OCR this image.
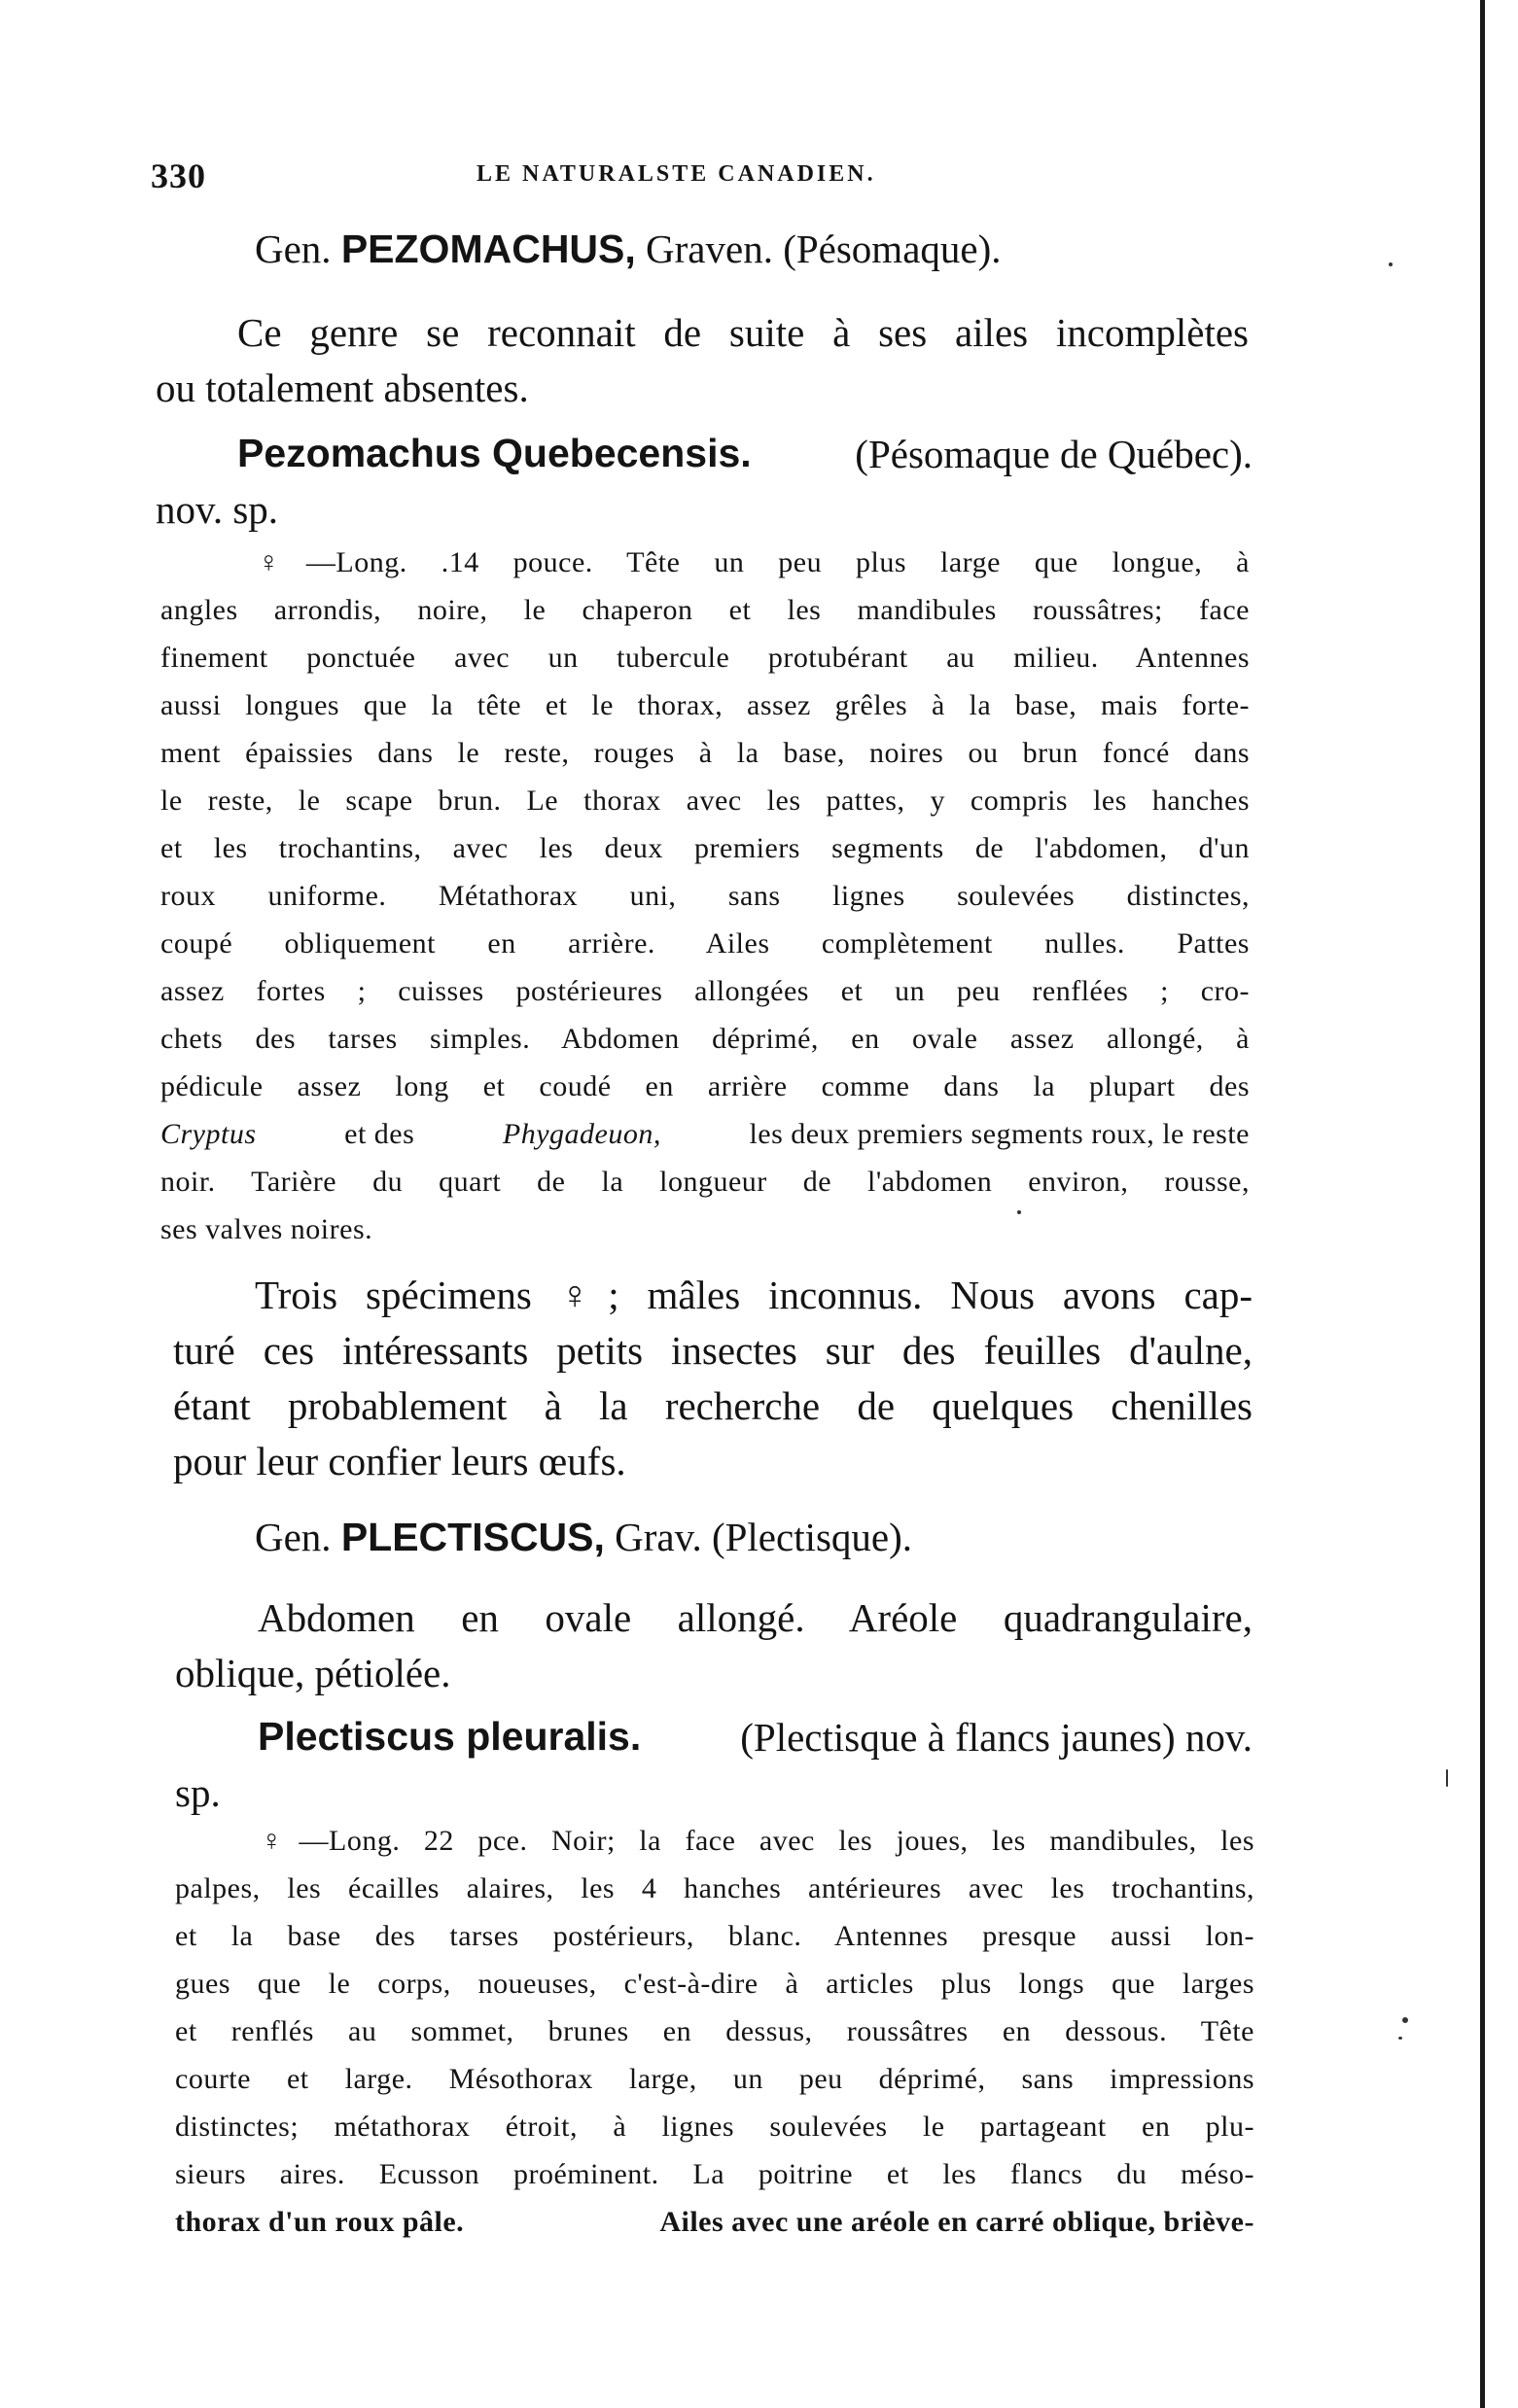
330	LE NATURALSTE CANADIEN.
Gen. PEZOMACHUS, Graven. (Pésomaque).
Ce genre se reconnait de suite à ses ailes incomplètes
ou totalement absentes.
Pezomachus Quebecensis.	(Pésomaque de Québec).
nov. sp.
♀—Long. .14 pouce. Tête un peu plus large que longue, à
angles arrondis, noire, le chaperon et les mandibules roussâtres; face
finement ponctuée avec un tubercule protubérant au milieu. Antennes
aussi longues que la tête et le thorax, assez grêles à la base, mais forte-
ment épaissies dans le reste, rouges à la base, noires ou brun foncé dans
le reste, le scape brun. Le thorax avec les pattes, y compris les hanches
et les trochantins, avec les deux premiers segments de l'abdomen, d'un
roux uniforme. Métathorax uni, sans lignes soulevées distinctes,
coupé obliquement en arrière. Ailes complètement nulles. Pattes
assez fortes ; cuisses postérieures allongées et un peu renflées ; cro-
chets des tarses simples. Abdomen déprimé, en ovale assez allongé, à
pédicule assez long et coudé en arrière comme dans la plupart des
Cryptus	et des	Phygadeuon,	les deux premiers segments roux, le reste
noir. Tarière du quart de la longueur de l'abdomen environ, rousse,
ses valves noires.
Trois spécimens ♀; mâles inconnus. Nous avons cap-
turé ces intéressants petits insectes sur des feuilles d'aulne,
étant probablement à la recherche de quelques chenilles
pour leur confier leurs œufs.
Gen. PLECTISCUS, Grav. (Plectisque).
Abdomen en ovale allongé. Aréole quadrangulaire,
oblique, pétiolée.
Plectiscus pleuralis. (Plectisque à flancs jaunes) nov.
sp.
♀—Long. 22 pce. Noir; la face avec les joues, les mandibules, les
palpes, les écailles alaires, les 4 hanches antérieures avec les trochantins,
et la base des tarses postérieurs, blanc. Antennes presque aussi lon-
gues que le corps, noueuses, c'est-à-dire à articles plus longs que larges
et renflés au sommet, brunes en dessus, roussâtres en dessous. Tête
courte et large. Mésothorax large, un peu déprimé, sans impressions
distinctes; métathorax étroit, à lignes soulevées le partageant en plu-
sieurs aires. Ecusson proéminent. La poitrine et les flancs du méso-
thorax d'un roux pâle.	Ailes avec une aréole en carré oblique, briève-
